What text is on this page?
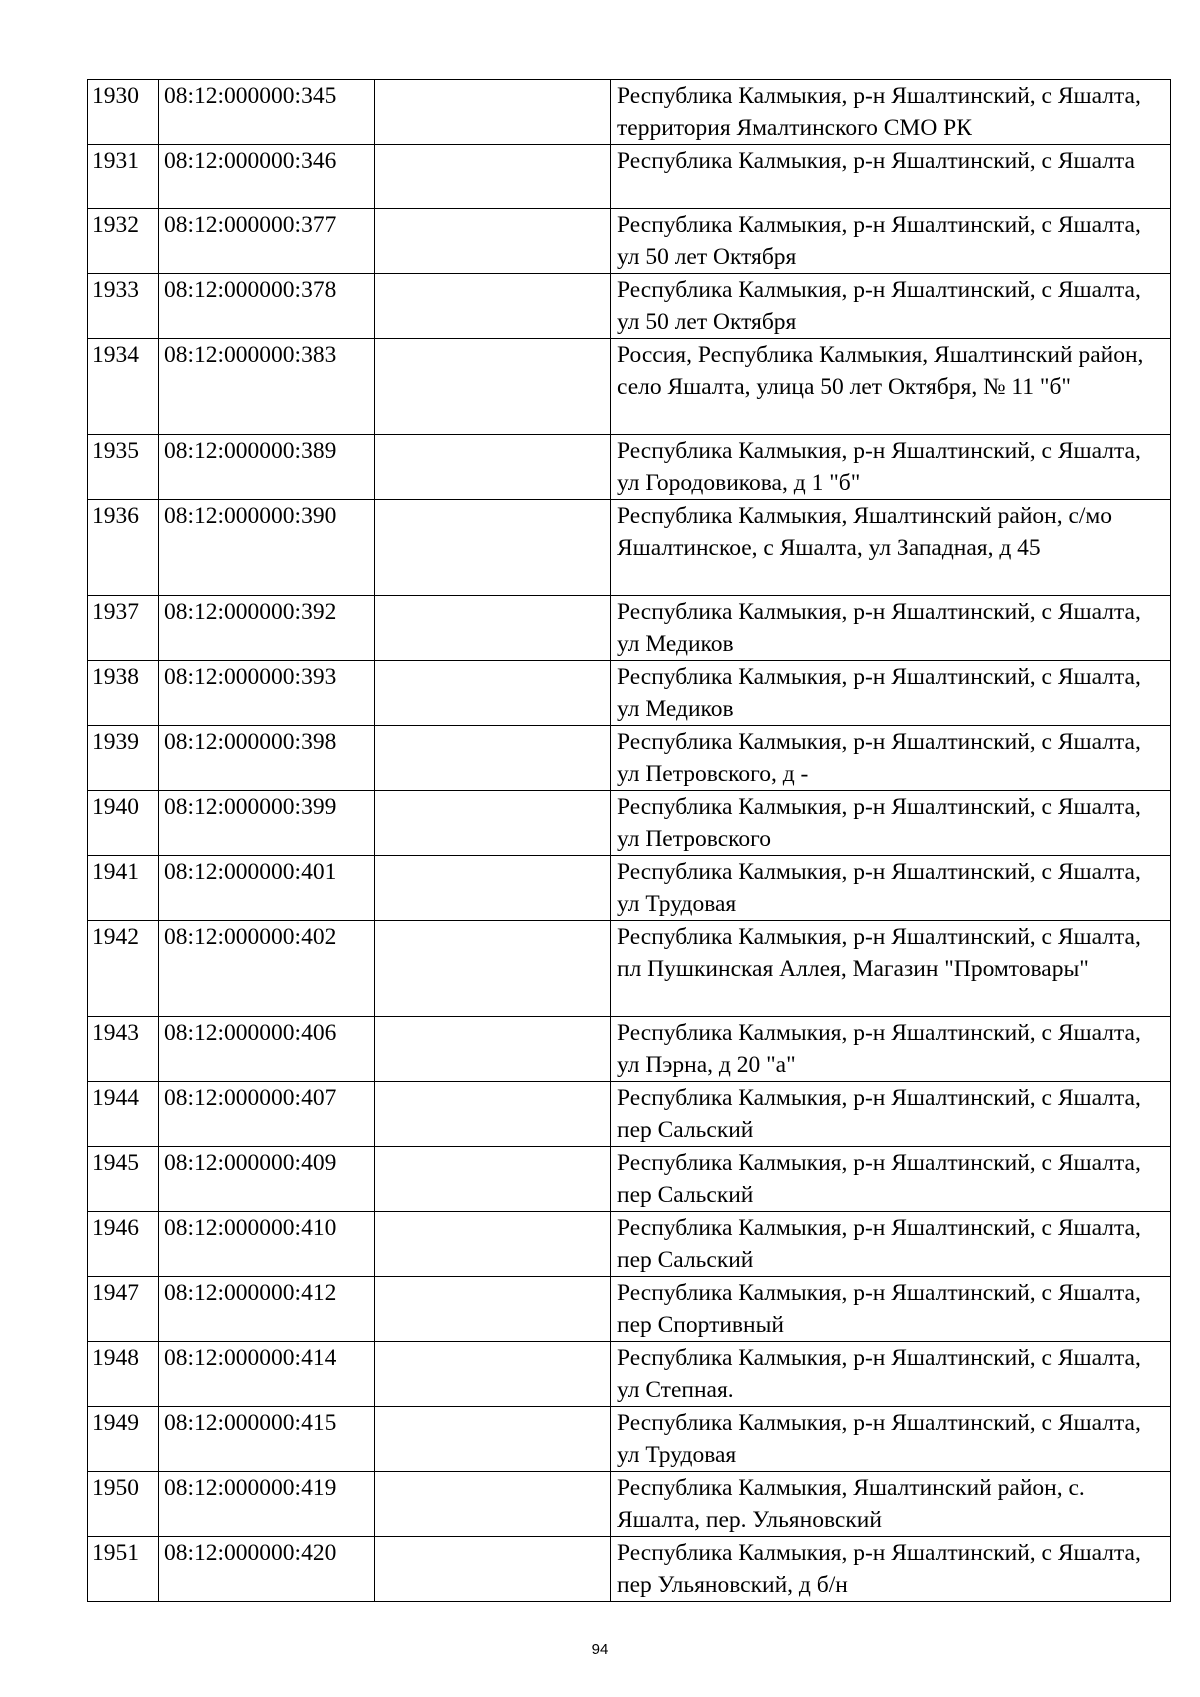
1930	08:12:000000:345		Республика Калмыкия, р-н Яшалтинский, с Яшалта, территория Ямалтинского СМО РК
1931	08:12:000000:346		Республика Калмыкия, р-н Яшалтинский, с Яшалта
1932	08:12:000000:377		Республика Калмыкия, р-н Яшалтинский, с Яшалта, ул 50 лет Октября
1933	08:12:000000:378		Республика Калмыкия, р-н Яшалтинский, с Яшалта, ул 50 лет Октября
1934	08:12:000000:383		Россия, Республика Калмыкия, Яшалтинский район, село Яшалта, улица 50 лет Октября, № 11 "б"
1935	08:12:000000:389		Республика Калмыкия, р-н Яшалтинский, с Яшалта, ул Городовикова, д 1 "б"
1936	08:12:000000:390		Республика Калмыкия, Яшалтинский район, с/мо Яшалтинское, с Яшалта, ул Западная, д 45
1937	08:12:000000:392		Республика Калмыкия, р-н Яшалтинский, с Яшалта, ул Медиков
1938	08:12:000000:393		Республика Калмыкия, р-н Яшалтинский, с Яшалта, ул Медиков
1939	08:12:000000:398		Республика Калмыкия, р-н Яшалтинский, с Яшалта, ул Петровского, д -
1940	08:12:000000:399		Республика Калмыкия, р-н Яшалтинский, с Яшалта, ул Петровского
1941	08:12:000000:401		Республика Калмыкия, р-н Яшалтинский, с Яшалта, ул Трудовая
1942	08:12:000000:402		Республика Калмыкия, р-н Яшалтинский, с Яшалта, пл Пушкинская Аллея, Магазин "Промтовары"
1943	08:12:000000:406		Республика Калмыкия, р-н Яшалтинский, с Яшалта, ул Пэрна, д 20 "а"
1944	08:12:000000:407		Республика Калмыкия, р-н Яшалтинский, с Яшалта, пер Сальский
1945	08:12:000000:409		Республика Калмыкия, р-н Яшалтинский, с Яшалта, пер Сальский
1946	08:12:000000:410		Республика Калмыкия, р-н Яшалтинский, с Яшалта, пер Сальский
1947	08:12:000000:412		Республика Калмыкия, р-н Яшалтинский, с Яшалта, пер Спортивный
1948	08:12:000000:414		Республика Калмыкия, р-н Яшалтинский, с Яшалта, ул Степная.
1949	08:12:000000:415		Республика Калмыкия, р-н Яшалтинский, с Яшалта, ул Трудовая
1950	08:12:000000:419		Республика Калмыкия, Яшалтинский район, с. Яшалта, пер. Ульяновский
1951	08:12:000000:420		Республика Калмыкия, р-н Яшалтинский, с Яшалта, пер Ульяновский, д б/н
94
